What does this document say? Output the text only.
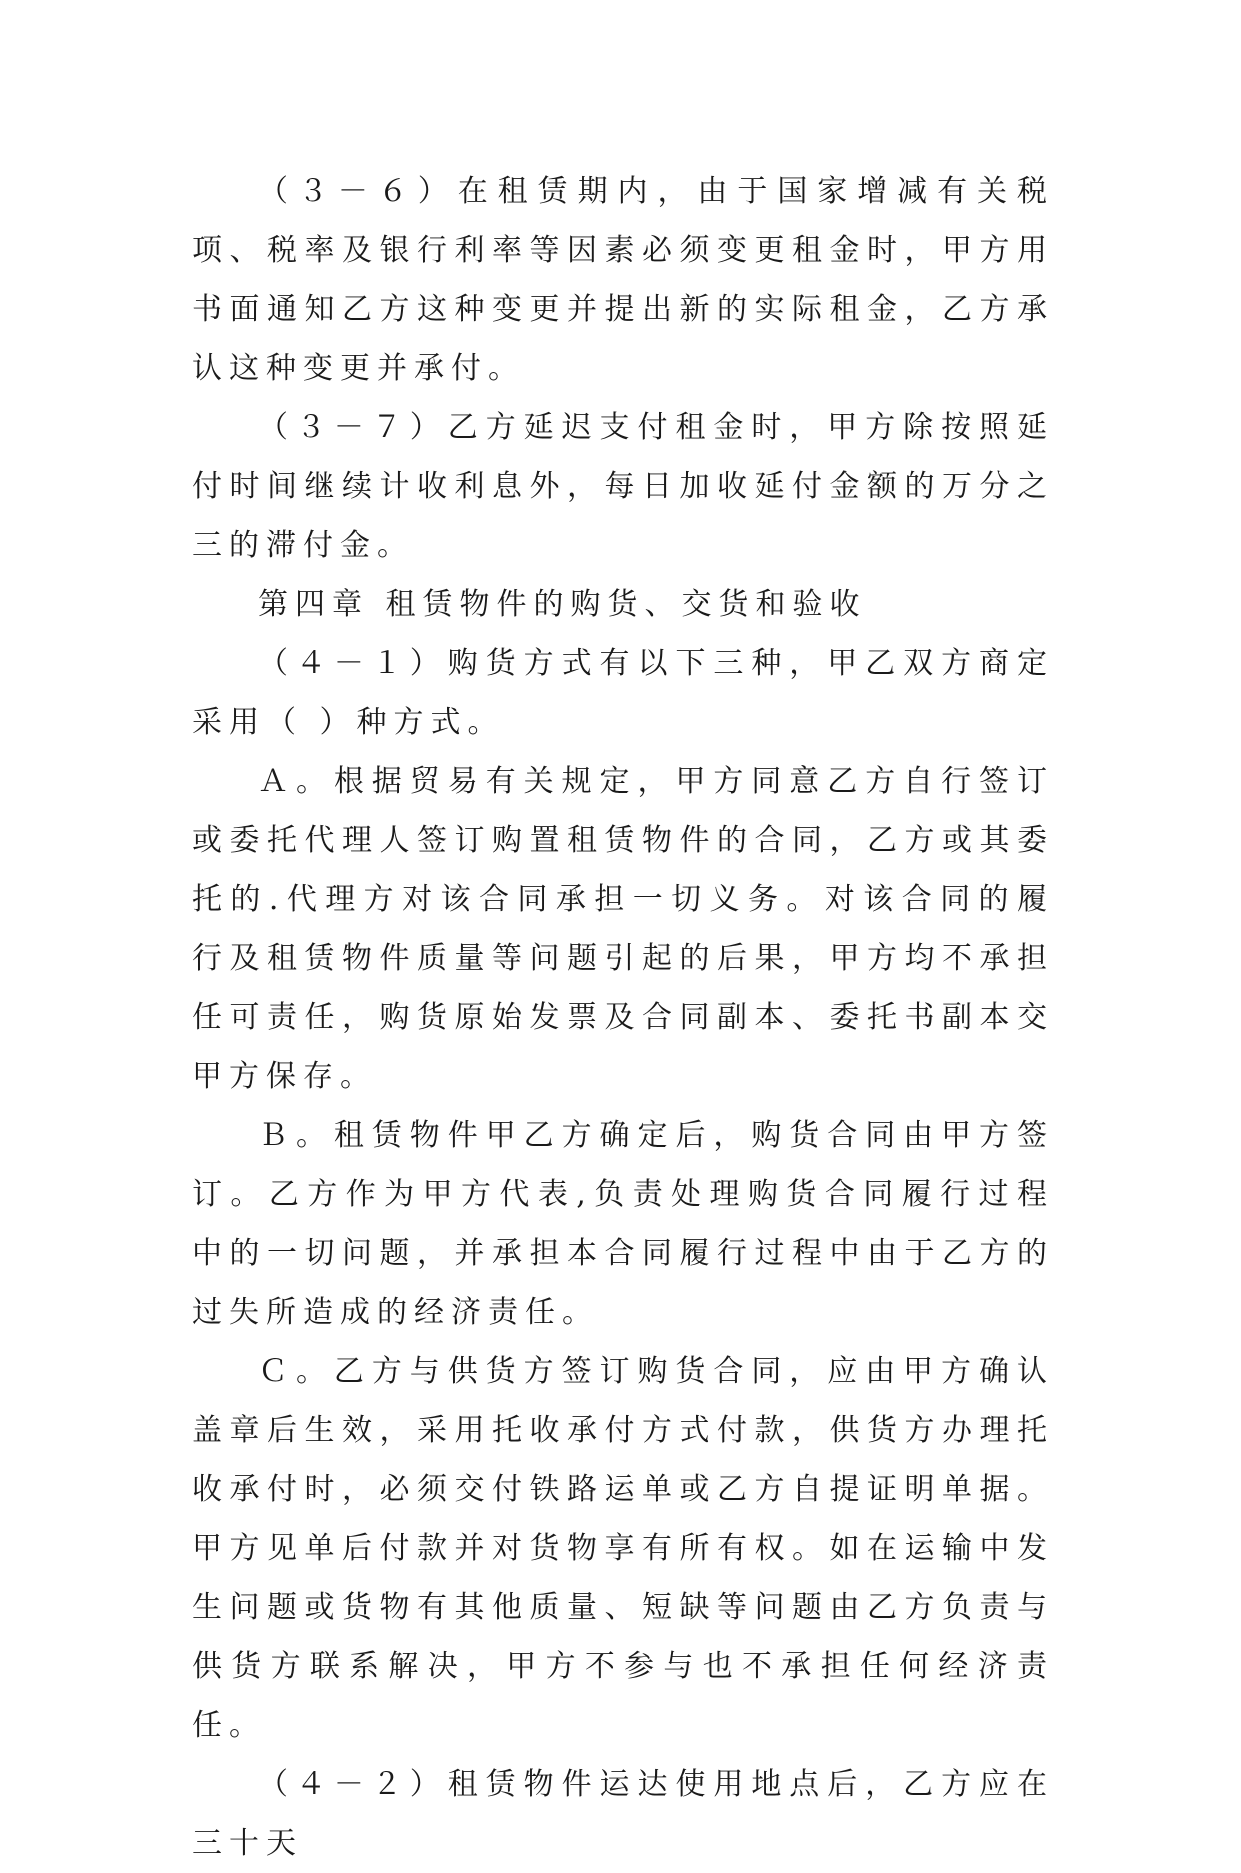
（３－６）在租赁期内，由于国家增减有关税项、税率及银行利率等因素必须变更租金时，甲方用书面通知乙方这种变更并提出新的实际租金，乙方承认这种变更并承付。

（３－７）乙方延迟支付租金时，甲方除按照延付时间继续计收利息外，每日加收延付金额的万分之三的滞付金。

第四章 租赁物件的购货、交货和验收

（４－１）购货方式有以下三种，甲乙双方商定采用（ ）种方式。

Ａ。根据贸易有关规定，甲方同意乙方自行签订或委托代理人签订购置租赁物件的合同，乙方或其委托的.代理方对该合同承担一切义务。对该合同的履行及租赁物件质量等问题引起的后果，甲方均不承担任可责任，购货原始发票及合同副本、委托书副本交甲方保存。

Ｂ。租赁物件甲乙方确定后，购货合同由甲方签订。乙方作为甲方代表,负责处理购货合同履行过程中的一切问题，并承担本合同履行过程中由于乙方的过失所造成的经济责任。

Ｃ。乙方与供货方签订购货合同，应由甲方确认盖章后生效，采用托收承付方式付款，供货方办理托收承付时，必须交付铁路运单或乙方自提证明单据。甲方见单后付款并对货物享有所有权。如在运输中发生问题或货物有其他质量、短缺等问题由乙方负责与供货方联系解决，甲方不参与也不承担任何经济责任。

（４－２）租赁物件运达使用地点后，乙方应在三十天
